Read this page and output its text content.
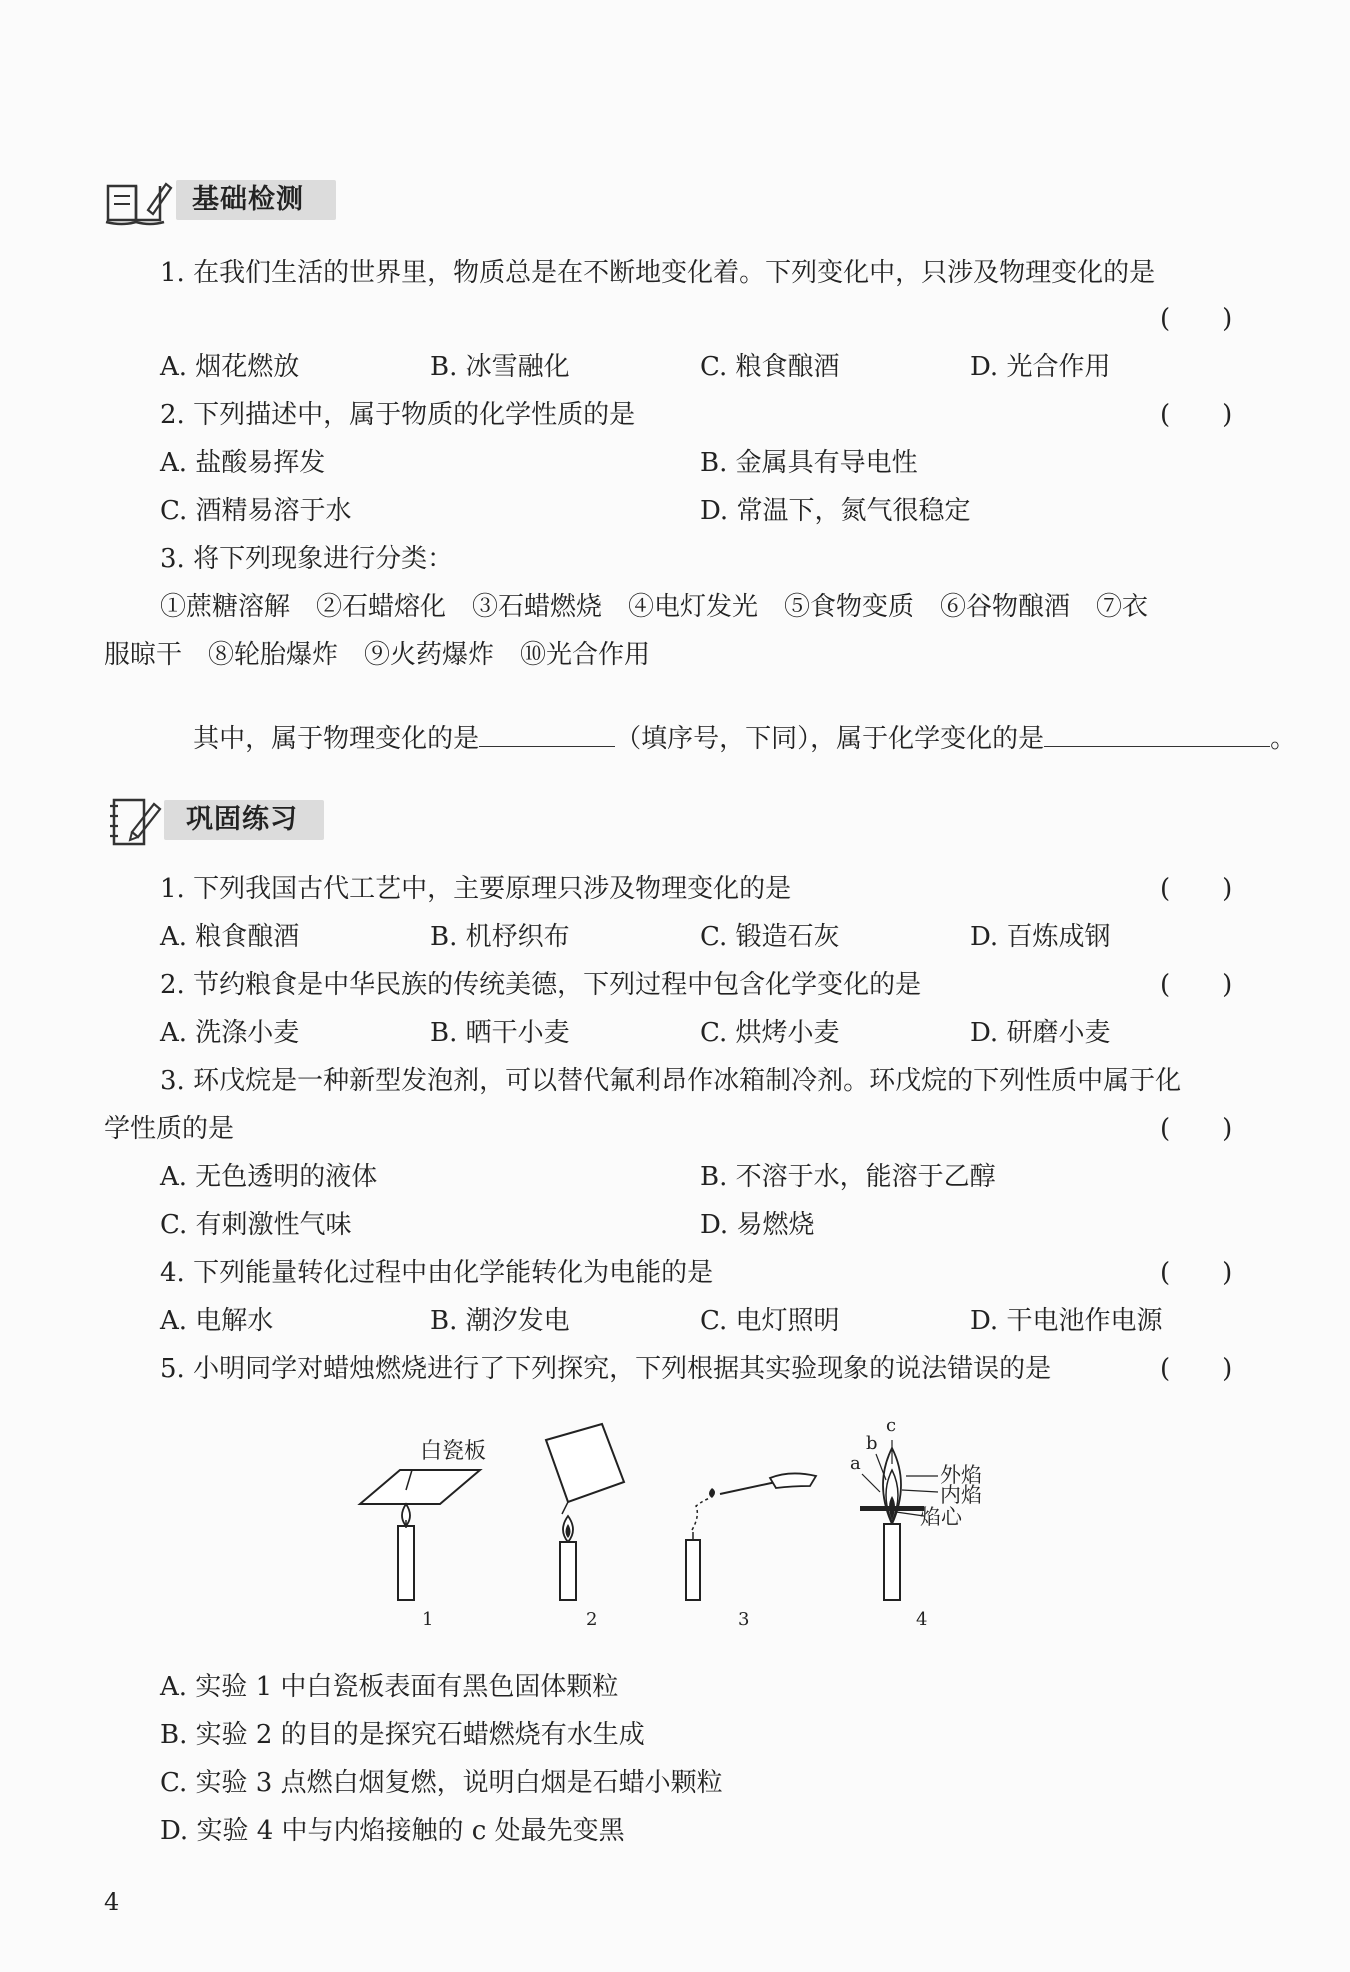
基础检测
1. 在我们生活的世界里，物质总是在不断地变化着。下列变化中，只涉及物理变化的是
(　　)
A. 烟花燃放	B. 冰雪融化	C. 粮食酿酒	D. 光合作用
2. 下列描述中，属于物质的化学性质的是	(　　)
A. 盐酸易挥发	B. 金属具有导电性
C. 酒精易溶于水	D. 常温下，氮气很稳定
3. 将下列现象进行分类：
①蔗糖溶解　②石蜡熔化　③石蜡燃烧　④电灯发光　⑤食物变质　⑥谷物酿酒　⑦衣
服晾干　⑧轮胎爆炸　⑨火药爆炸　⑩光合作用

其中，属于物理变化的是	（填序号，下同），属于化学变化的是	。

巩固练习
1. 下列我国古代工艺中，主要原理只涉及物理变化的是	(　　)
A. 粮食酿酒	B. 机杼织布	C. 锻造石灰	D. 百炼成钢
2. 节约粮食是中华民族的传统美德，下列过程中包含化学变化的是	(　　)
A. 洗涤小麦	B. 晒干小麦	C. 烘烤小麦	D. 研磨小麦
3. 环戊烷是一种新型发泡剂，可以替代氟利昂作冰箱制冷剂。环戊烷的下列性质中属于化
学性质的是	(　　)
A. 无色透明的液体	B. 不溶于水，能溶于乙醇
C. 有刺激性气味	D. 易燃烧
4. 下列能量转化过程中由化学能转化为电能的是	(　　)
A. 电解水	B. 潮汐发电	C. 电灯照明	D. 干电池作电源
5. 小明同学对蜡烛燃烧进行了下列探究，下列根据其实验现象的说法错误的是	(　　)
白瓷板
c
b
a	外焰
内焰
焰心
1	2	3	4
A. 实验 1 中白瓷板表面有黑色固体颗粒
B. 实验 2 的目的是探究石蜡燃烧有水生成
C. 实验 3 点燃白烟复燃，说明白烟是石蜡小颗粒
D. 实验 4 中与内焰接触的 c 处最先变黑
4
